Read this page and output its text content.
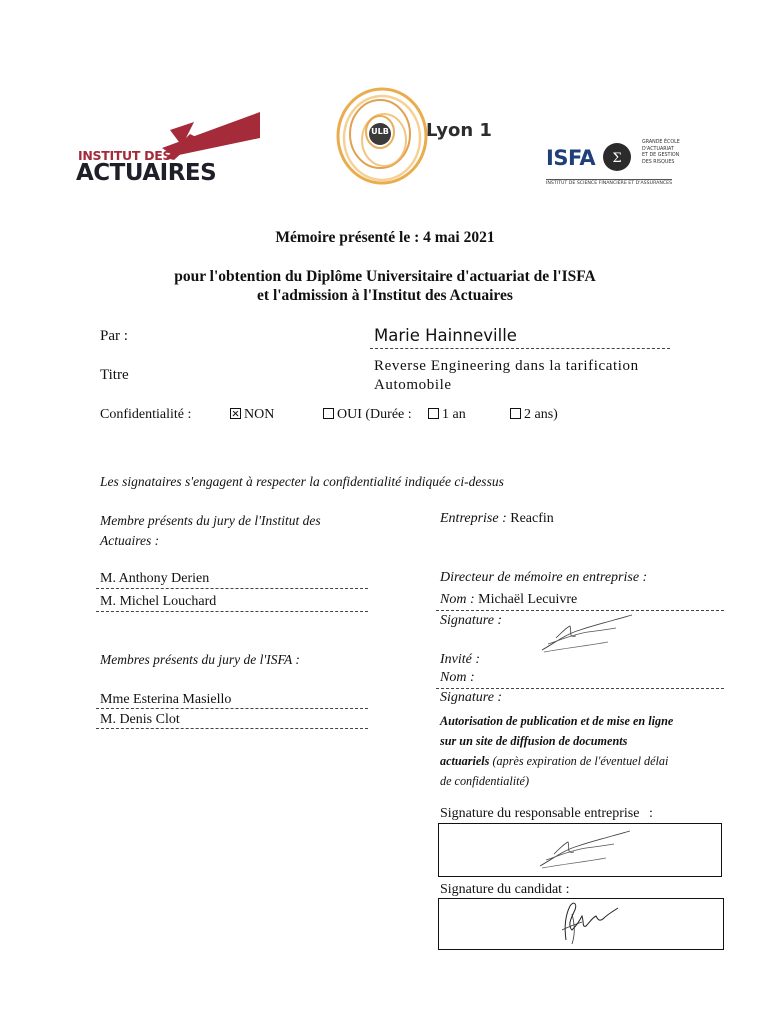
INSTITUT DES
ACTUAIRES
ULB Lyon 1
ISFA Σ
GRANDE ÉCOLE
D'ACTUARIAT
ET DE GESTION
DES RISQUES
INSTITUT DE SCIENCE FINANCIÈRE ET D'ASSURANCES
Mémoire présenté le : 4 mai 2021
pour l'obtention du Diplôme Universitaire d'actuariat de l'ISFA
et l'admission à l'Institut des Actuaires
Par :	Marie Hainneville
Titre
Reverse Engineering dans la tarification
Automobile
Confidentialité :	NON	OUI (Durée :	1 an	2 ans)
Les signataires s'engagent à respecter la confidentialité indiquée ci-dessus
Membre présents du jury de l'Institut des
Actuaires :
M. Anthony Derien
M. Michel Louchard
Membres présents du jury de l'ISFA :
Mme Esterina Masiello
M. Denis Clot
Entreprise : Reacfin
Directeur de mémoire en entreprise :
Nom : Michaël Lecuivre
Signature :
Invité :
Nom :
Signature :
Autorisation de publication et de mise en ligne
sur un site de diffusion de documents
actuariels (après expiration de l'éventuel délai
de confidentialité)
Signature du responsable entreprise :
Signature du candidat :
